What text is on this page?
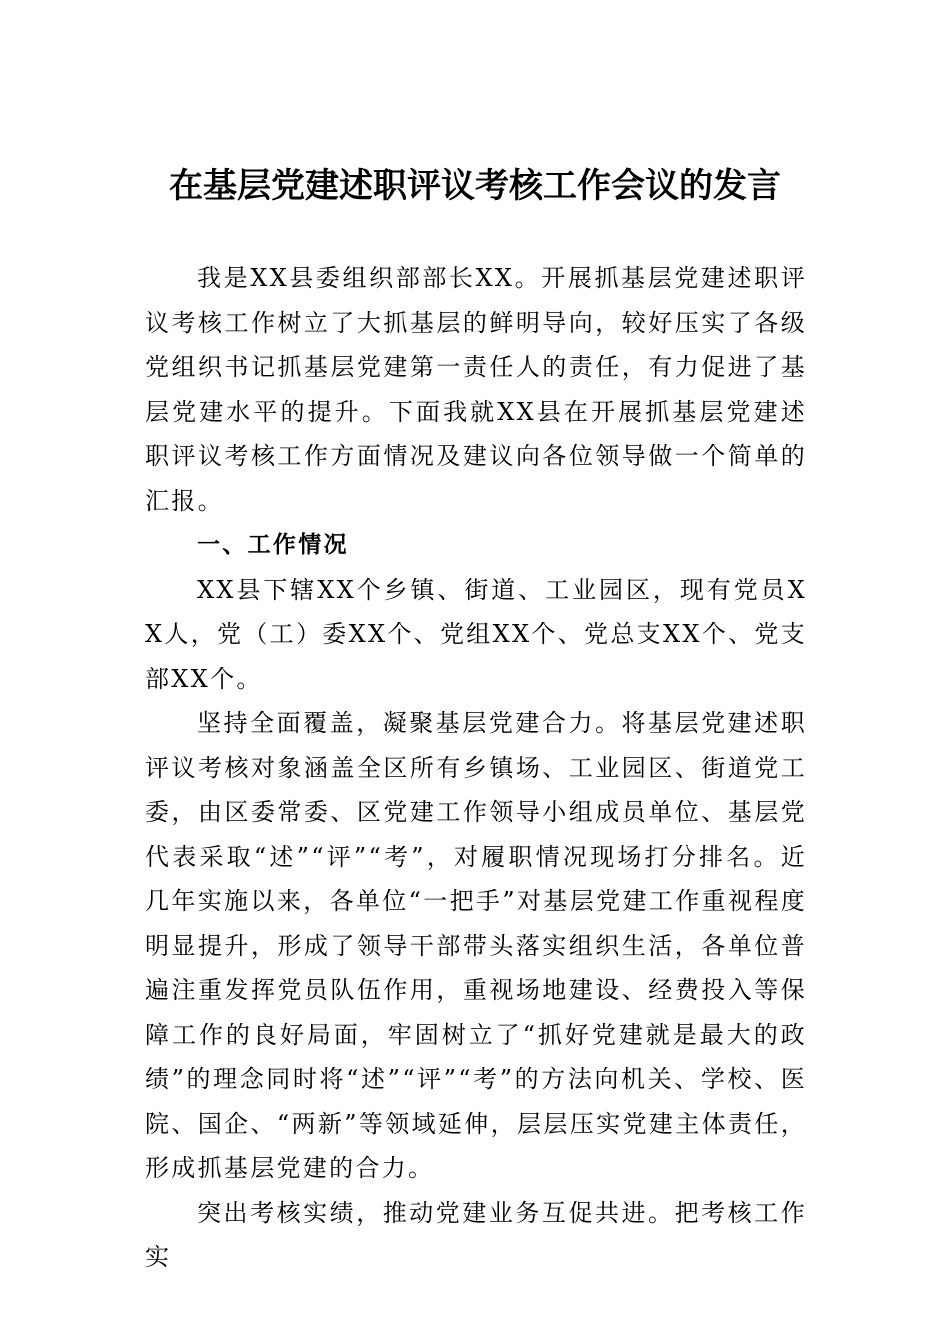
在基层党建述职评议考核工作会议的发言

我是XX县委组织部部长XX。开展抓基层党建述职评议考核工作树立了大抓基层的鲜明导向，较好压实了各级党组织书记抓基层党建第一责任人的责任，有力促进了基层党建水平的提升。下面我就XX县在开展抓基层党建述职评议考核工作方面情况及建议向各位领导做一个简单的汇报。

一、工作情况

XX县下辖XX个乡镇、街道、工业园区，现有党员XX人，党（工）委XX个、党组XX个、党总支XX个、党支部XX个。

坚持全面覆盖，凝聚基层党建合力。将基层党建述职评议考核对象涵盖全区所有乡镇场、工业园区、街道党工委，由区委常委、区党建工作领导小组成员单位、基层党代表采取“述”“评”“考”，对履职情况现场打分排名。近几年实施以来，各单位“一把手”对基层党建工作重视程度明显提升，形成了领导干部带头落实组织生活，各单位普遍注重发挥党员队伍作用，重视场地建设、经费投入等保障工作的良好局面，牢固树立了“抓好党建就是最大的政绩”的理念同时将“述”“评”“考”的方法向机关、学校、医院、国企、“两新”等领域延伸，层层压实党建主体责任，形成抓基层党建的合力。

突出考核实绩，推动党建业务互促共进。把考核工作实
